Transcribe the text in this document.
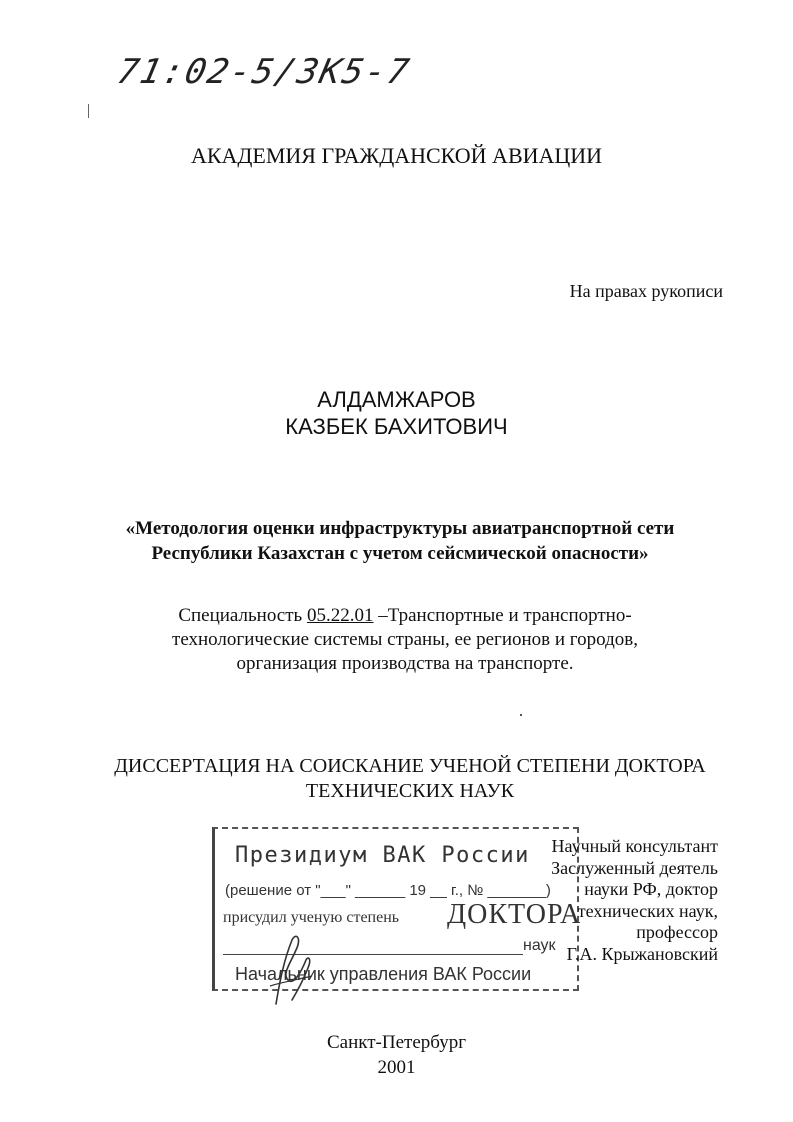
71:02-5/3К5-7
АКАДЕМИЯ ГРАЖДАНСКОЙ АВИАЦИИ
На правах рукописи
АЛДАМЖАРОВ
КАЗБЕК БАХИТОВИЧ
«Методология оценки инфраструктуры авиатранспортной сети
Республики Казахстан с учетом сейсмической опасности»
Специальность 05.22.01 –Транспортные и транспортно-технологические системы страны, ее регионов и городов, организация производства на транспорте.
ДИССЕРТАЦИЯ НА СОИСКАНИЕ УЧЕНОЙ СТЕПЕНИ ДОКТОРА
ТЕХНИЧЕСКИХ НАУК
Президиум ВАК России
(решение от "___" ______ 19 __ г., № _______)
присудил ученую степень ДОКТОРА
наук
Начальник управления ВАК России
Научный консультант
Заслуженный деятель
науки РФ, доктор
технических наук,
профессор
Г.А. Крыжановский
Санкт-Петербург
2001
